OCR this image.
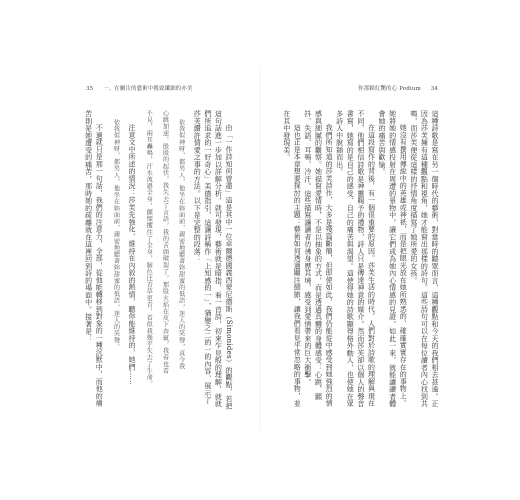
35 一、在關注的藝術中獲致纖細的亦美

由「一作詩知何曾盡」這是其中一位卓爾德國義西蒙尼德斯（Simonides）的觀點，若把這句話進一步加以詳解分析，就可發現，藝術就是暗指，看一首詩，初來乍見般的理解，就就們所追求的一好奇心」美德指引，這讓詩稱作「上知感的一」，猶變之二的一的內容，展示了莎芙讚許情愛之事的方法。以下是完整的段落：

依我似神呀，都男人，他坐在妳面前，親密地聽著妳甜蜜的低語，迷人的笑聲，真令我

心跳加速。殷殷的起伏，我失去了言語，我的舌頭破裂了，那股火焰在皮下奔竄，我看也看

不見，兩耳轟鳴，汗水流過全身，顫慄攫住了全身，臉色比青草更青，看似我幾乎失去了生命。

注意文中所述的情況：莎芙先強化，維持在內敘的熱情，聽你能維持的，她們……

依我似神呀，都男人，他坐在妳面前，親密地聽著妳甜蜜的低語，迷人的笑聲。

不過就只是那一句話，我們的注意力，全部，從他能轉移到對象的一種沉默中，而他的痛苦則是她遭受的痛苦，那時她的疏離就在這裡回到詩的場面中。接著是：

你那顆紅艷的心 Podium 34

這種詩歌是寫在另一個時代的藝術，對當時的聽眾而言，這種觀點和今天的我們相去甚遠。正因為莎芙擁有這種觀點和視角，她才能寫出那樣的詩句。這些詩句可以在每位讀者內心找到共鳴，而莎芙便從這樣的抒情角度描寫了她所愛的女孩。

她沒有撰用傳說中的英雄或神祇，而是把眼光放在她所熟悉的、確確實實存在的事物上。她將她的情感投射在周遭的景物中，讓它們成為她內心情感的見證，如此一來，就能讓讀者體會她的痛苦與歡愉。

在這段寫作的背後，有一個很重要的原因。莎芙生活的時代，人們對於詩歌的理解與現在不同，他們相信詩歌是神靈賜予的禮物，詩人只是傳達神意的媒介。然而莎芙卻以個人的聲音書寫，她寫的是自己的感受、自己的痛苦與渴望。這使得她的詩歌顯得格外動人，也使她在眾多詩人中脫穎而出。

我們所知道的莎芙詩作，大多是殘篇斷簡，但即使如此，我們仍能從中感受到她強烈的情感與細膩的觀察。她描寫愛情時，不是以抽象的方式，而是透過具體的身體感受：心跳、顫抖、失語、耳鳴、冷汗。這些描寫讓讀者彷彿身歷其境，感受到愛情帶來的巨大衝擊。

這也正是本章想要探討的主題：藝術如何透過關注細節，讓我們看見平常忽略的事物，並在其中發現美。
